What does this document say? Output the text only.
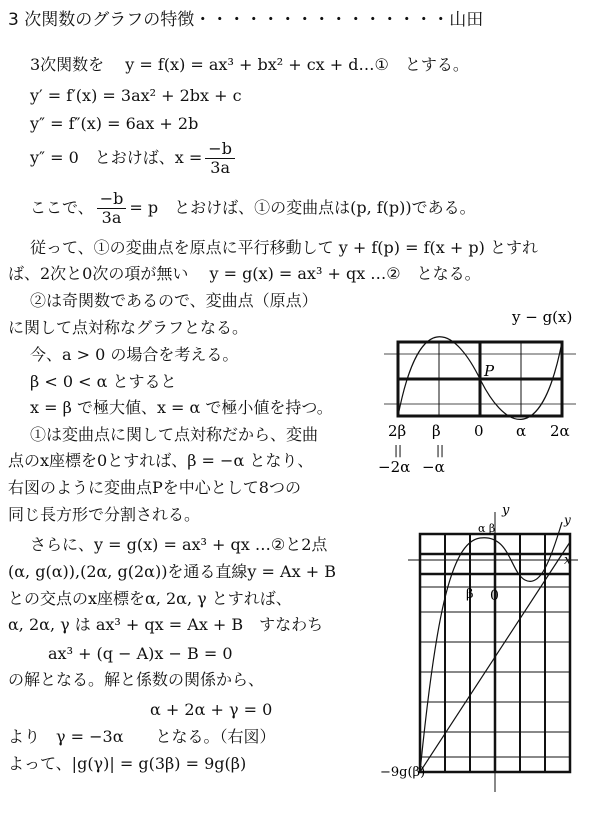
3 次関数のグラフの特徴・・・・・・・・・・・・・・・山田
3次関数を　 y = f(x) = ax³ + bx² + cx + d…①　とする。
y′ = f′(x) = 3ax² + 2bx + c
y″ = f″(x) = 6ax + 2b
y″ = 0　とおけば、$x = \frac{-b}{3a}$
ここで、 $\frac{-b}{3a} = p$　とおけば、①の変曲点は(p, f(p))である。
従って、①の変曲点を原点に平行移動して y + f(p) = f(x + p) とすれ
ば、2次と0次の項が無い　 y = g(x) = ax³ + qx …②　となる。
②は奇関数であるので、変曲点（原点）
に関して点対称なグラフとなる。
今、a > 0 の場合を考える。
β < 0 < α とすると
x = β で極大値、x = α で極小値を持つ。
①は変曲点に関して点対称だから、変曲
点のx座標を0とすれば、β = −α となり、
右図のように変曲点Pを中心として8つの
同じ長方形で分割される。
さらに、y = g(x) = ax³ + qx …②と2点
(α, g(α)),(2α, g(2α))を通る直線y = Ax + B
との交点のx座標をα, 2α, γ とすれば、
α, 2α, γ は ax³ + qx = Ax + B　すなわち
ax³ + (q − A)x − B = 0
の解となる。解と係数の関係から、
α + 2α + γ = 0
より　γ = −3α　　となる。（右図）
よって、|g(γ)| = g(3β) = 9g(β)
y − g(x)
P
2β β 0 α 2α
||	||
−2α −α
y
y
x
α β
β 0
−9g(β)
